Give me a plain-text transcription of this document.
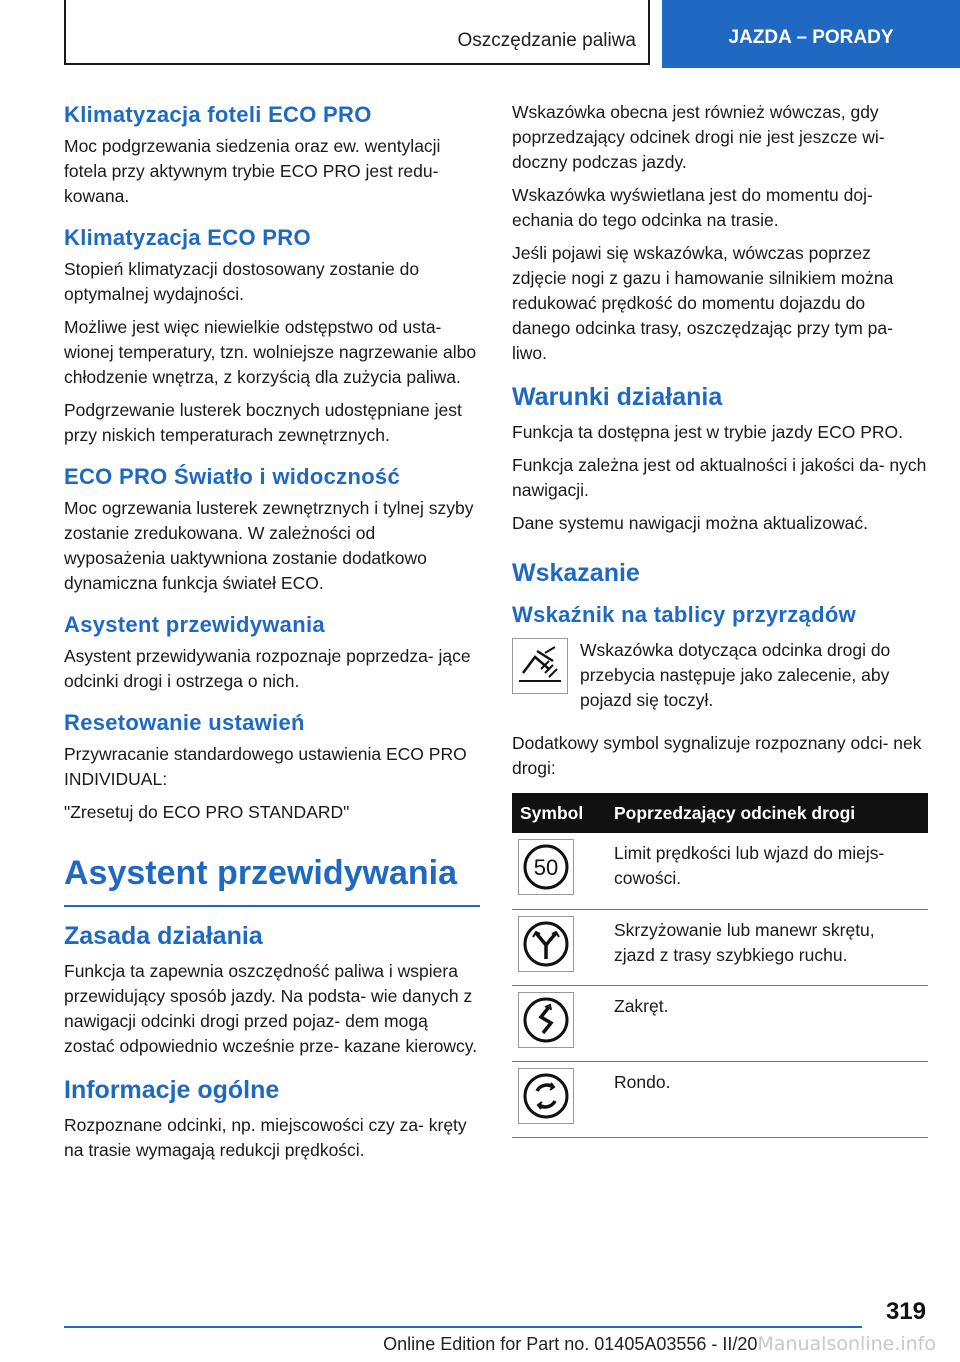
Oszczędzanie paliwa	JAZDA – PORADY
Klimatyzacja foteli ECO PRO
Moc podgrzewania siedzenia oraz ew. wentylacji fotela przy aktywnym trybie ECO PRO jest redu- kowana.
Klimatyzacja ECO PRO
Stopień klimatyzacji dostosowany zostanie do optymalnej wydajności.
Możliwe jest więc niewielkie odstępstwo od usta- wionej temperatury, tzn. wolniejsze nagrzewanie albo chłodzenie wnętrza, z korzyścią dla zużycia paliwa.
Podgrzewanie lusterek bocznych udostępniane jest przy niskich temperaturach zewnętrznych.
ECO PRO Światło i widoczność
Moc ogrzewania lusterek zewnętrznych i tylnej szyby zostanie zredukowana. W zależności od wyposażenia uaktywniona zostanie dodatkowo dynamiczna funkcja świateł ECO.
Asystent przewidywania
Asystent przewidywania rozpoznaje poprzedza- jące odcinki drogi i ostrzega o nich.
Resetowanie ustawień
Przywracanie standardowego ustawienia ECO PRO INDIVIDUAL:
"Zresetuj do ECO PRO STANDARD"
Asystent przewidywania
Zasada działania
Funkcja ta zapewnia oszczędność paliwa i wspiera przewidujący sposób jazdy. Na podsta- wie danych z nawigacji odcinki drogi przed pojaz- dem mogą zostać odpowiednio wcześnie prze- kazane kierowcy.
Informacje ogólne
Rozpoznane odcinki, np. miejscowości czy za- kręty na trasie wymagają redukcji prędkości.
Wskazówka obecna jest również wówczas, gdy poprzedzający odcinek drogi nie jest jeszcze wi- doczny podczas jazdy.
Wskazówka wyświetlana jest do momentu doj- echania do tego odcinka na trasie.
Jeśli pojawi się wskazówka, wówczas poprzez zdjęcie nogi z gazu i hamowanie silnikiem można redukować prędkość do momentu dojazdu do danego odcinka trasy, oszczędzając przy tym pa- liwo.
Warunki działania
Funkcja ta dostępna jest w trybie jazdy ECO PRO.
Funkcja zależna jest od aktualności i jakości da- nych nawigacji.
Dane systemu nawigacji można aktualizować.
Wskazanie
Wskaźnik na tablicy przyrządów
Wskazówka dotycząca odcinka drogi do przebycia następuje jako zalecenie, aby pojazd się toczył.
Dodatkowy symbol sygnalizuje rozpoznany odci- nek drogi:
Symbol	Poprzedzający odcinek drogi

50	Limit prędkości lub wjazd do miejs- cowości.

	Skrzyżowanie lub manewr skrętu, zjazd z trasy szybkiego ruchu.

	Zakręt.

	Rondo.
319
Online Edition for Part no. 01405A03556 - II/20Manualsonline.info
